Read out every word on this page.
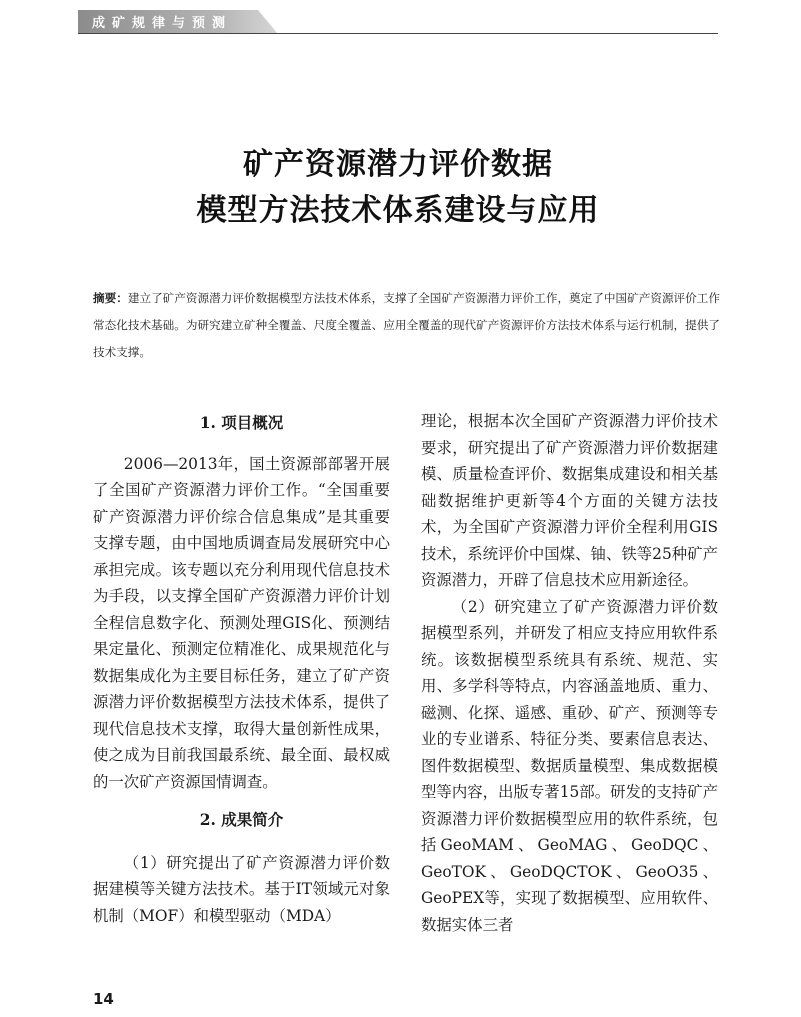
成矿规律与预测
矿产资源潜力评价数据
模型方法技术体系建设与应用
摘要：建立了矿产资源潜力评价数据模型方法技术体系，支撑了全国矿产资源潜力评价工作，奠定了中国矿产资源评价工作常态化技术基础。为研究建立矿种全覆盖、尺度全覆盖、应用全覆盖的现代矿产资源评价方法技术体系与运行机制，提供了技术支撑。
1. 项目概况

2006—2013年，国土资源部部署开展了全国矿产资源潜力评价工作。“全国重要矿产资源潜力评价综合信息集成”是其重要支撑专题，由中国地质调查局发展研究中心承担完成。该专题以充分利用现代信息技术为手段，以支撑全国矿产资源潜力评价计划全程信息数字化、预测处理GIS化、预测结果定量化、预测定位精准化、成果规范化与数据集成化为主要目标任务，建立了矿产资源潜力评价数据模型方法技术体系，提供了现代信息技术支撑，取得大量创新性成果，使之成为目前我国最系统、最全面、最权威的一次矿产资源国情调查。

2. 成果简介

（1）研究提出了矿产资源潜力评价数据建模等关键方法技术。基于IT领域元对象机制（MOF）和模型驱动（MDA）

理论，根据本次全国矿产资源潜力评价技术要求，研究提出了矿产资源潜力评价数据建模、质量检查评价、数据集成建设和相关基础数据维护更新等4个方面的关键方法技术，为全国矿产资源潜力评价全程利用GIS技术，系统评价中国煤、铀、铁等25种矿产资源潜力，开辟了信息技术应用新途径。

（2）研究建立了矿产资源潜力评价数据模型系列，并研发了相应支持应用软件系统。该数据模型系统具有系统、规范、实用、多学科等特点，内容涵盖地质、重力、磁测、化探、遥感、重砂、矿产、预测等专业的专业谱系、特征分类、要素信息表达、图件数据模型、数据质量模型、集成数据模型等内容，出版专著15部。研发的支持矿产资源潜力评价数据模型应用的软件系统，包括GeoMAM、GeoMAG、GeoDQC、GeoTOK、GeoDQCTOK、GeoO35、GeoPEX等，实现了数据模型、应用软件、数据实体三者

14
